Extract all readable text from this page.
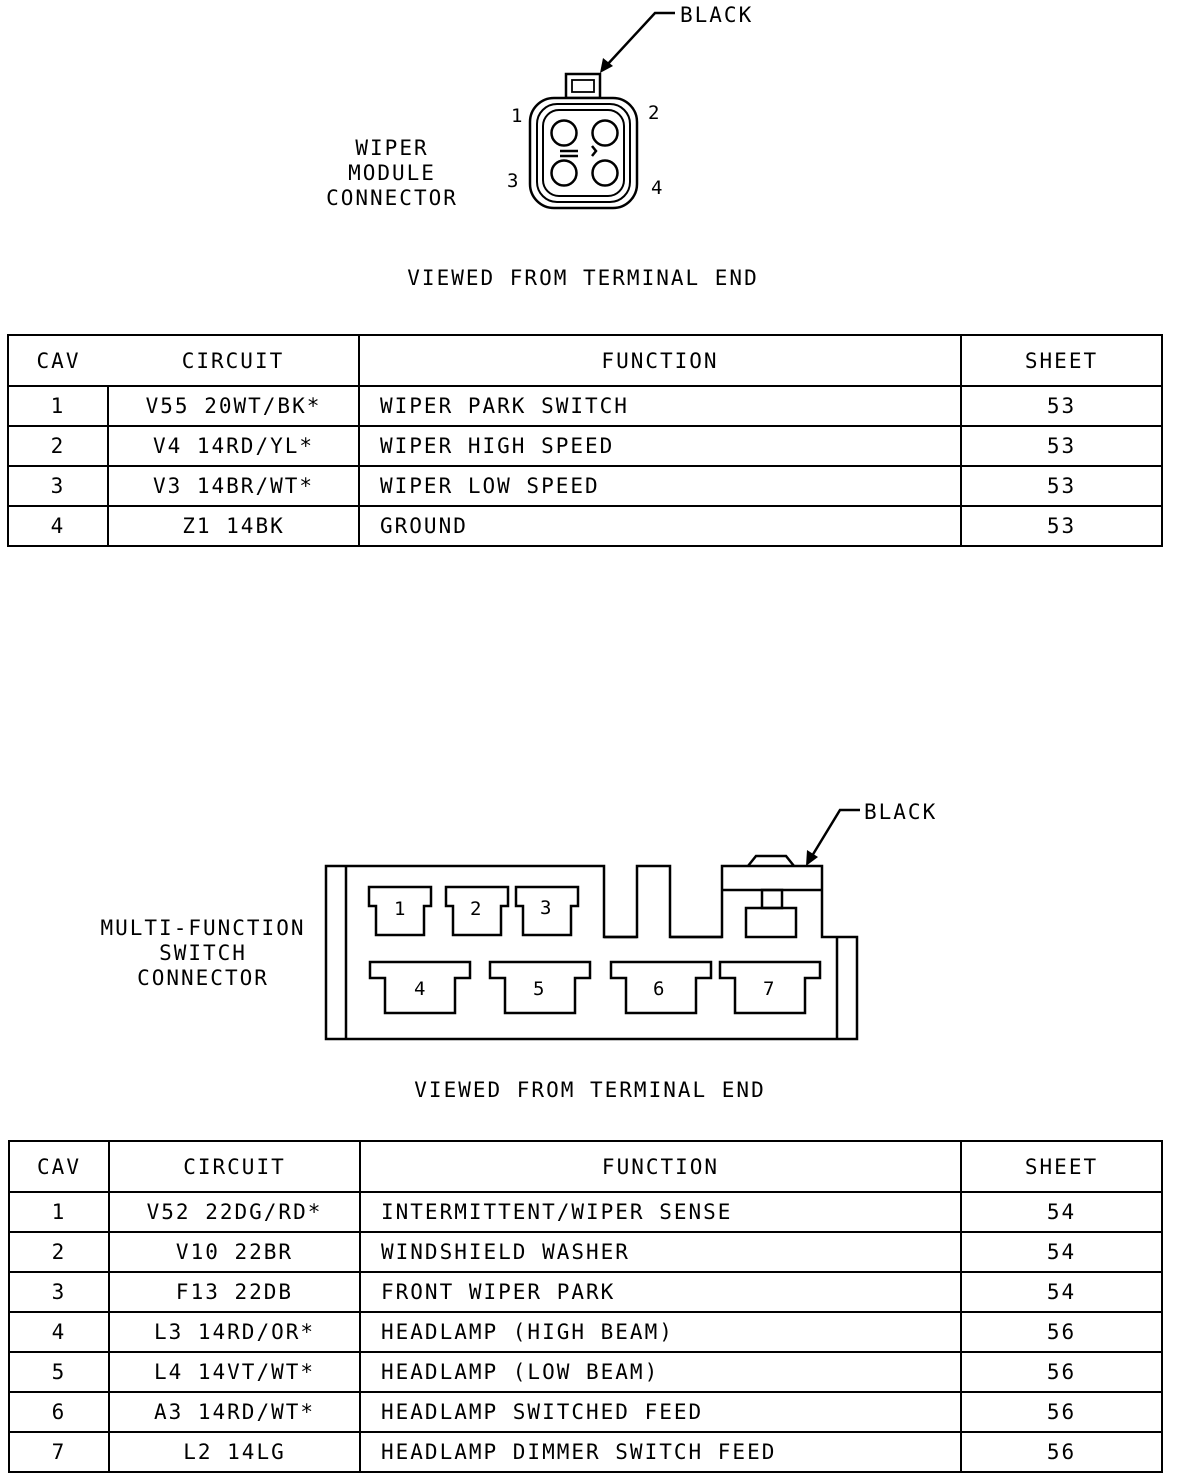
BLACK
1	2
3	4
WIPER
MODULE
CONNECTOR
VIEWED FROM TERMINAL END
CAV	CIRCUIT	FUNCTION	SHEET
1	V55 20WT/BK*	WIPER PARK SWITCH	53
2	V4 14RD/YL*	WIPER HIGH SPEED	53
3	V3 14BR/WT*	WIPER LOW SPEED	53
4	Z1 14BK	GROUND	53
BLACK
1	2	3
4	5	6	7
MULTI-FUNCTION
SWITCH
CONNECTOR
VIEWED FROM TERMINAL END
CAV	CIRCUIT	FUNCTION	SHEET
1	V52 22DG/RD*	INTERMITTENT/WIPER SENSE	54
2	V10 22BR	WINDSHIELD WASHER	54
3	F13 22DB	FRONT WIPER PARK	54
4	L3 14RD/OR*	HEADLAMP (HIGH BEAM)	56
5	L4 14VT/WT*	HEADLAMP (LOW BEAM)	56
6	A3 14RD/WT*	HEADLAMP SWITCHED FEED	56
7	L2 14LG	HEADLAMP DIMMER SWITCH FEED	56
